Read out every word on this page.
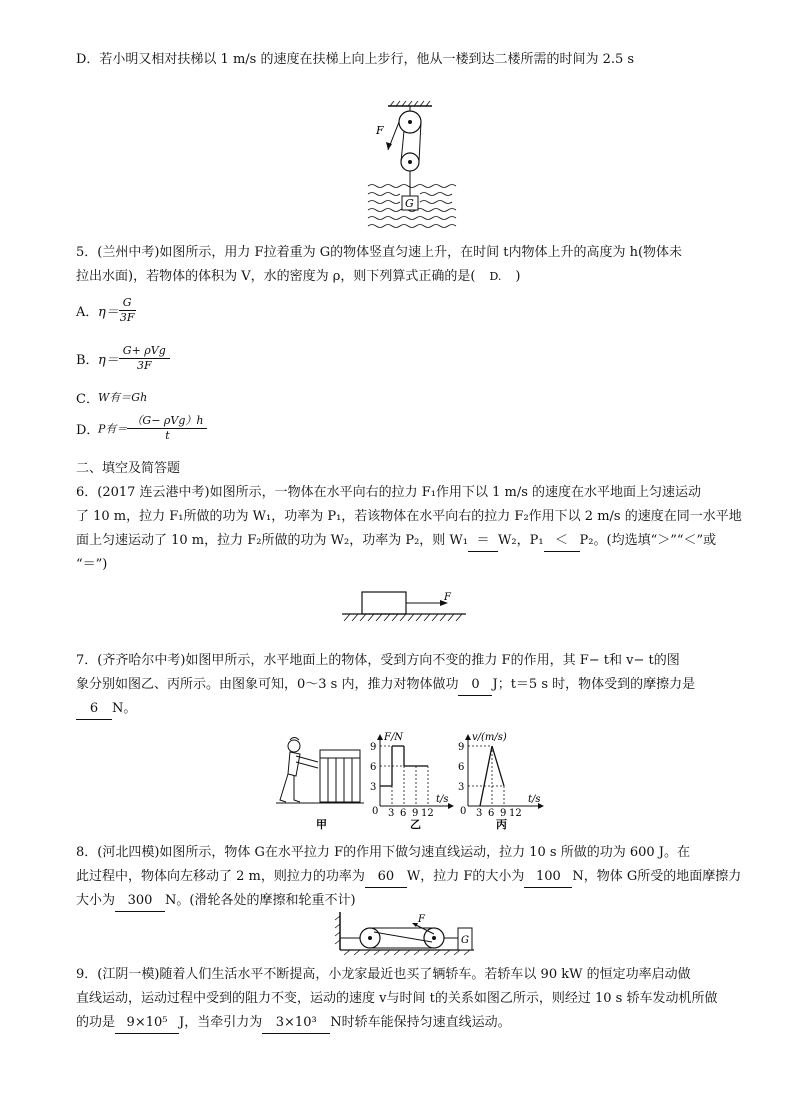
D．若小明又相对扶梯以 1 m/s 的速度在扶梯上向上步行，他从一楼到达二楼所需的时间为 2.5 s
F
G
5．(兰州中考)如图所示，用力 F拉着重为 G的物体竖直匀速上升，在时间 t内物体上升的高度为 h(物体未
拉出水面)，若物体的体积为 V，水的密度为 ρ，则下列算式正确的是( D. )
A．$\eta= \frac{G}{3F}$
B．$\eta= \frac{\text{G+ ρVg}}{3F}$
C．W有＝Gh
D．P有＝ $\frac{\text{（G− ρVg）h}}{t}$
二、填空及简答题
6．(2017 连云港中考)如图所示，一物体在水平向右的拉力 F₁作用下以 1 m/s 的速度在水平地面上匀速运动
了 10 m，拉力 F₁所做的功为 W₁，功率为 P₁，若该物体在水平向右的拉力 F₂作用下以 2 m/s 的速度在同一水平地
面上匀速运动了 10 m，拉力 F₂所做的功为 W₂，功率为 P₂，则 W₁ ＝ W₂，P₁ ＜ P₂。(均选填“＞”“＜”或
“＝”)
F
7．(齐齐哈尔中考)如图甲所示，水平地面上的物体，受到方向不变的推力 F的作用，其 F− t和 v− t的图
象分别如图乙、丙所示。由图象可知，0～3 s 内，推力对物体做功 0 J；t＝5 s 时，物体受到的摩擦力是
6 N。
甲
F/N
t/s
9
6
3
0 3 6 9 12
乙
v/(m/s)
t/s
9
6
3
0 3 6 9 12
丙
8．(河北四模)如图所示，物体 G在水平拉力 F的作用下做匀速直线运动，拉力 10 s 所做的功为 600 J。在
此过程中，物体向左移动了 2 m，则拉力的功率为 60 W，拉力 F的大小为 100 N，物体 G所受的地面摩擦力
大小为 300 N。(滑轮各处的摩擦和轮重不计)
F
G
9．(江阴一模)随着人们生活水平不断提高，小龙家最近也买了辆轿车。若轿车以 90 kW 的恒定功率启动做
直线运动，运动过程中受到的阻力不变，运动的速度 v与时间 t的关系如图乙所示，则经过 10 s 轿车发动机所做
的功是 9×10⁵ J，当牵引力为 3×10³ N时轿车能保持匀速直线运动。
